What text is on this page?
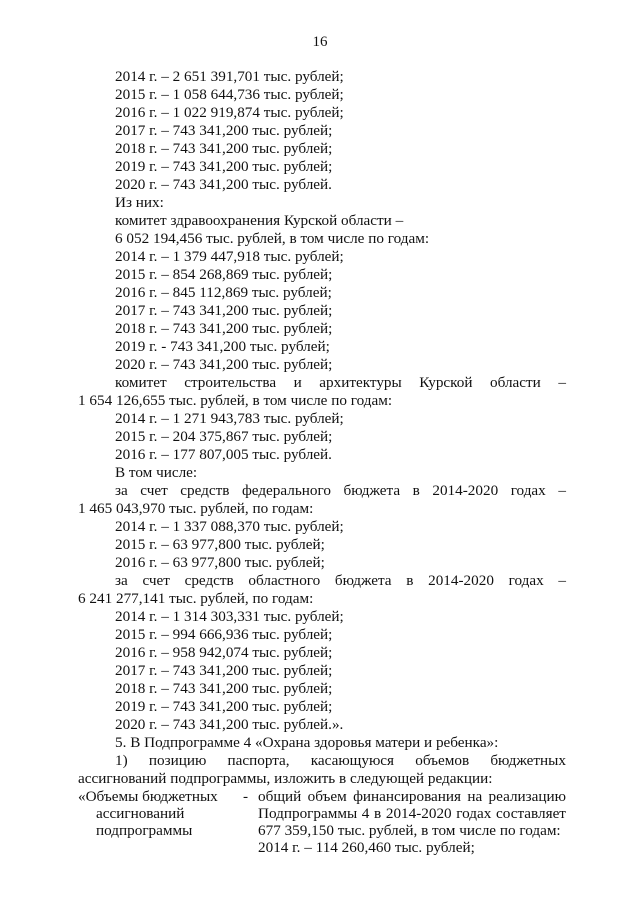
16
2014 г. – 2 651 391,701 тыс. рублей;
2015 г. – 1 058 644,736 тыс. рублей;
2016 г. – 1 022 919,874 тыс. рублей;
2017 г. – 743 341,200 тыс. рублей;
2018 г. – 743 341,200 тыс. рублей;
2019 г. – 743 341,200 тыс. рублей;
2020 г. – 743 341,200 тыс. рублей.
Из них:
комитет здравоохранения Курской области –
6 052 194,456 тыс. рублей, в том числе по годам:
2014 г. – 1 379 447,918 тыс. рублей;
2015 г. – 854 268,869 тыс. рублей;
2016 г. – 845 112,869 тыс. рублей;
2017 г. – 743 341,200 тыс. рублей;
2018 г. – 743 341,200 тыс. рублей;
2019 г. - 743 341,200 тыс. рублей;
2020 г. – 743 341,200 тыс. рублей;
комитет строительства и архитектуры Курской области –
1 654 126,655 тыс. рублей, в том числе по годам:
2014 г. – 1 271 943,783 тыс. рублей;
2015 г. – 204 375,867 тыс. рублей;
2016 г. – 177 807,005 тыс. рублей.
В том числе:
за счет средств федерального бюджета в 2014-2020 годах –
1 465 043,970 тыс. рублей, по годам:
2014 г. – 1 337 088,370 тыс. рублей;
2015 г. – 63 977,800 тыс. рублей;
2016 г. – 63 977,800 тыс. рублей;
за счет средств областного бюджета в 2014-2020 годах –
6 241 277,141 тыс. рублей, по годам:
2014 г. – 1 314 303,331 тыс. рублей;
2015 г. – 994 666,936 тыс. рублей;
2016 г. – 958 942,074 тыс. рублей;
2017 г. – 743 341,200 тыс. рублей;
2018 г. – 743 341,200 тыс. рублей;
2019 г. – 743 341,200 тыс. рублей;
2020 г. – 743 341,200 тыс. рублей.».
5. В Подпрограмме 4 «Охрана здоровья матери и ребенка»:
1) позицию паспорта, касающуюся объемов бюджетных
ассигнований подпрограммы, изложить в следующей редакции:
«Объемы бюджетных
ассигнований
подпрограммы
- общий объем финансирования на реализацию
Подпрограммы 4 в 2014-2020 годах составляет
677 359,150 тыс. рублей, в том числе по годам:
2014 г. – 114 260,460 тыс. рублей;
